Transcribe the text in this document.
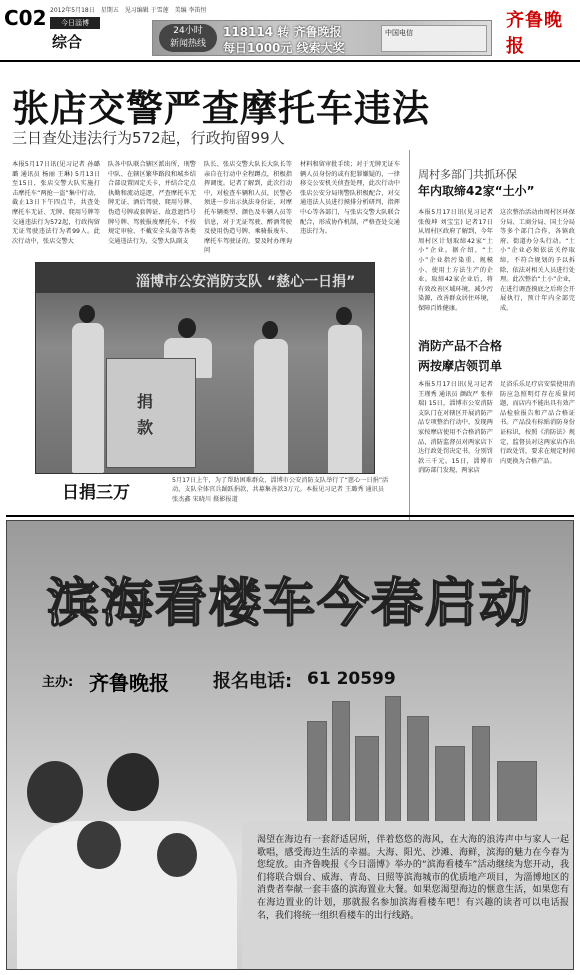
C02 2012年5月18日　星期五　见习编辑 于雪莲　美编 李笛恒
今日淄博
综合
24小时
新闻热线
118114 转 齐鲁晚报
每日1000元 线索大奖
中国电信
齐鲁晚报
张店交警严查摩托车违法
三日查处违法行为572起，行政拘留99人
本报5月17日讯(见习记者 孙璐璐 通讯员 杨丽 王琳) 5月13日至15日，张店交警大队实施打击摩托车“两抢一盗”集中行动，截止13日下午四点半，共查处摩托车无证、无牌、爬用号牌等交通违法行为572起，行政拘留无证驾驶违法行为者99人。此次行动中，张店交警大
队各中队联合辖区派出所，刑警中队、在辖区繁华路段和城乡结合部设置固定关卡，并结合定点执勤和流动巡逻，严查摩托车无牌无证、酒后驾驶、爬用号牌、伪造号牌或套牌证、故意遮挡号牌号牌、驾驶报废摩托车、不按规定审验、不戴安全头盔等各类交通违法行为，交警大队副支
队长、张店交警大队长大队长等亲自在行动中全程蹲点，积极指挥调度。记者了解到，此次行动中，对检查车辆和人员，民警必须进一步出示执法身份证，对摩托车辆类型、颜色及车辆人员等信息，对于无证驾驶、醉酒驾驶及使用伪造号牌、乘骑报废车、摩托车驾驶证的，要及时办理询问
材料和留审批手续；对于无牌无证车辆人员身份的或有犯罪嫌疑的，一律移交公安机关侦查处理，此次行动中张店公安分局刑警队积极配合，对交通违法人员进行摸排分析研判，指挥中心等各部门，与张店交警大队联合配合，形成协作机制，严格查处交通违法行为。
周村多部门共抓环保
年内取缔42家“土小”
本报5月17日讯(见习记者 张俊坤 刘宝宝) 记者17日从周村区政府了解到，今年周村区计划取缔42家“土小”企业。据介绍，“土小”企业指污染重、规模小、使用土方法生产的企业。取缔42家企业后，将有效改善区域环境，减少污染源，改善群众居住环境，保障百姓健康。
这次整治活动由周村区环保分局、工商分局、国土分局等多个部门合作，各镇政府、街道办分头行动。“土小”企业必须依法关停取缔，不符合规划的予以拆除，依法对相关人员进行处理。此次整治“土小”企业，在进行调查摸底之后将会开展执行，预计年内全部完成。
消防产品不合格
两按摩店领罚单
本报5月17日讯(见习记者 王瑾秀 通讯员 颜政严 张梓瑞) 15日，淄博市公安消防支队门在对辖区开展消防产品专项整治行动中，发现两家按摩店使用不合格消防产品，消防监督员对两家店下达行政处罚决定书，分别罚款三千元。15日，淄博市消防部门发现，两家店
足浴乐乐足疗店安装使用消防应急照明灯存在质量问题，而店内不能出具有效产品检验报告和产品合格证书。产品没有标贴消防身份证标识，按照《消防法》规定，监督员对这两家店作出行政处罚，要求在规定时间内更换为合格产品。
淄博市公安消防支队 “慈心一日捐”
捐款
日捐三万
5月17日上午，为了帮助困难群众，淄博市公安消防支队举行了“慈心一日捐”活动，支队全体官兵踊跃捐款，共募集善款3万元。本报见习记者 王璐秀 通讯员 张杰鑫 宋晓川 摄影报道
滨海看楼车今春启动
主办: 齐鲁晚报 报名电话: 61 20599
渴望在海边有一套舒适居所，伴着悠悠的海风，在大海的浪涛声中与家人一起歌唱，感受海边生活的幸福。大海、阳光、沙滩、海鲜，滨海的魅力在今春为您绽放。由齐鲁晚报《今日淄博》举办的“滨海看楼车”活动继续为您开动，我们将联合烟台、威海、青岛、日照等滨海城市的优质地产项目，为淄博地区的消费者奉献一套丰盛的滨海置业大餐。如果您渴望海边的惬意生活，如果您有在海边置业的计划，那就报名参加滨海看楼车吧！有兴趣的读者可以电话报名，我们将统一组织看楼车的出行线路。
